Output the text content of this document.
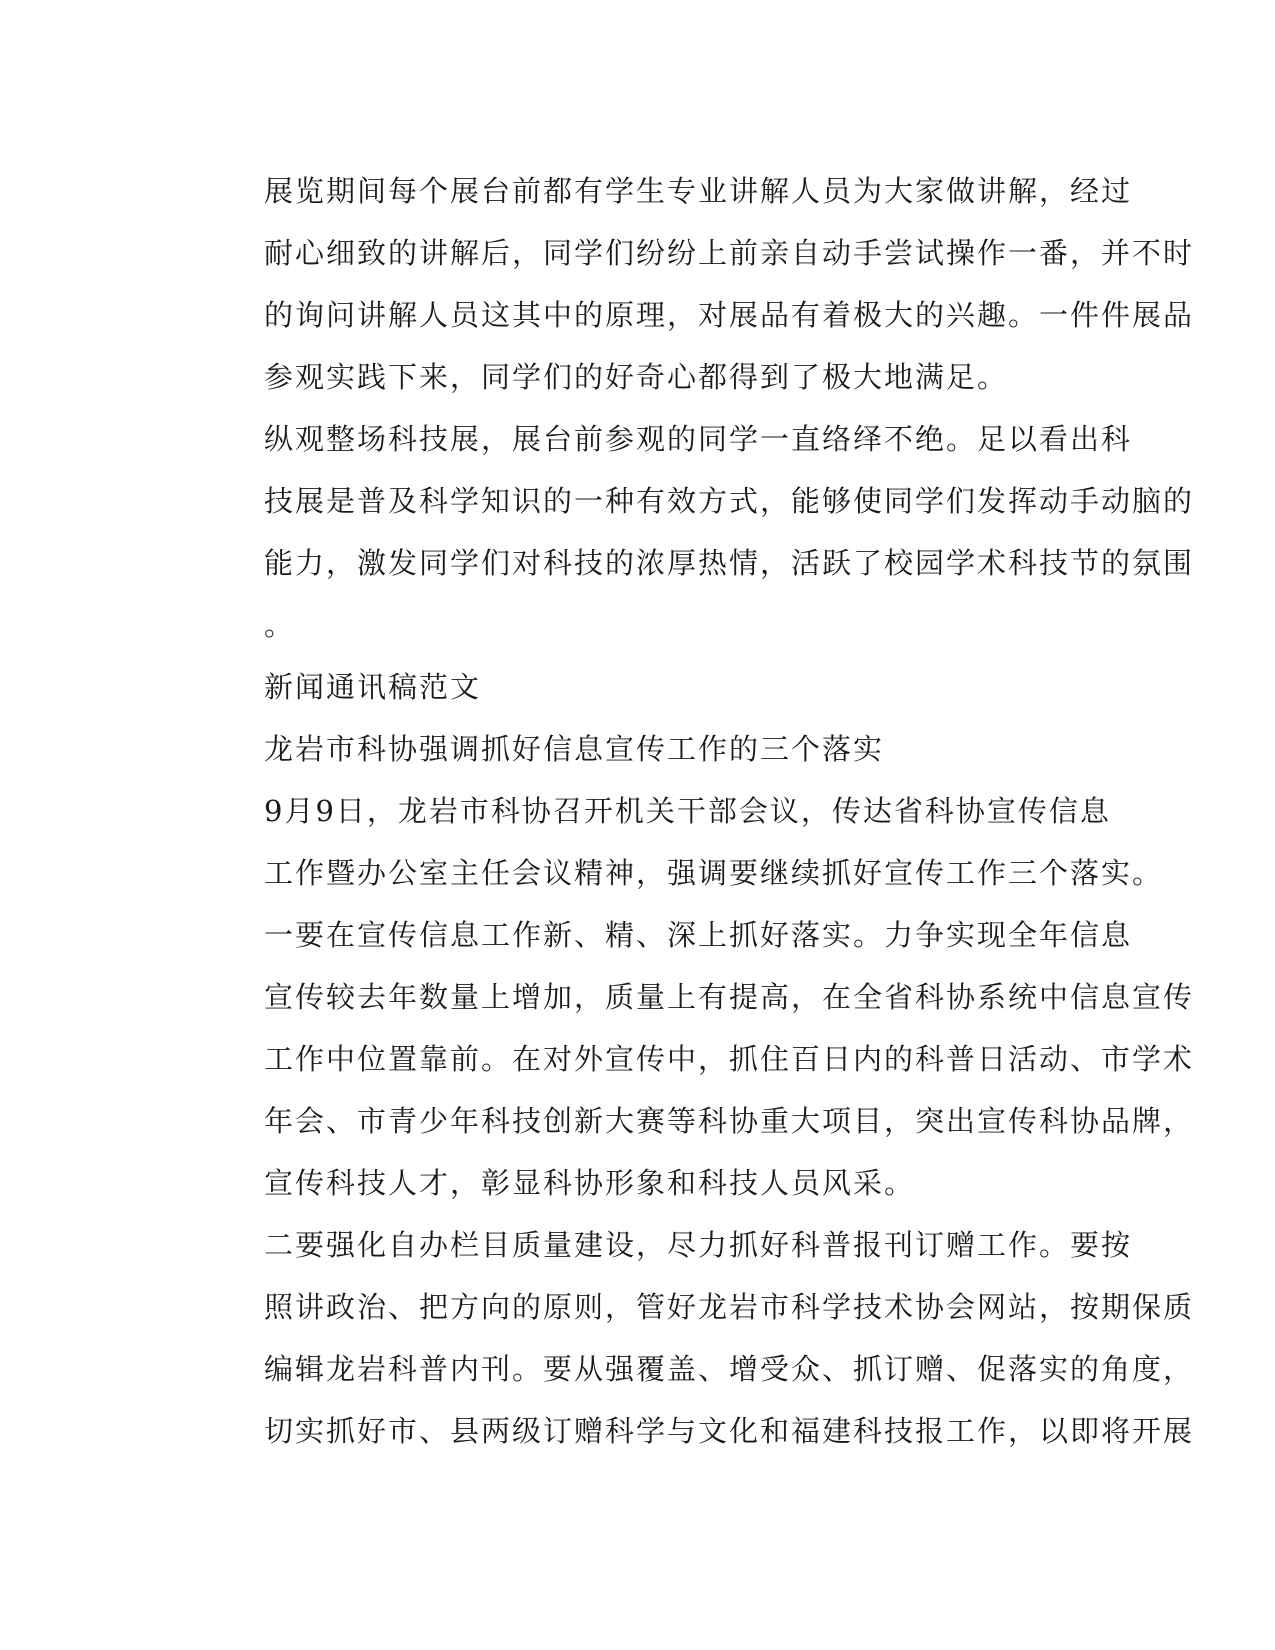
展览期间每个展台前都有学生专业讲解人员为大家做讲解，经过
耐心细致的讲解后，同学们纷纷上前亲自动手尝试操作一番，并不时
的询问讲解人员这其中的原理，对展品有着极大的兴趣。一件件展品
参观实践下来，同学们的好奇心都得到了极大地满足。

纵观整场科技展，展台前参观的同学一直络绎不绝。足以看出科
技展是普及科学知识的一种有效方式，能够使同学们发挥动手动脑的
能力，激发同学们对科技的浓厚热情，活跃了校园学术科技节的氛围
。

新闻通讯稿范文

龙岩市科协强调抓好信息宣传工作的三个落实

9月9日，龙岩市科协召开机关干部会议，传达省科协宣传信息
工作暨办公室主任会议精神，强调要继续抓好宣传工作三个落实。

一要在宣传信息工作新、精、深上抓好落实。力争实现全年信息
宣传较去年数量上增加，质量上有提高，在全省科协系统中信息宣传
工作中位置靠前。在对外宣传中，抓住百日内的科普日活动、市学术
年会、市青少年科技创新大赛等科协重大项目，突出宣传科协品牌，
宣传科技人才，彰显科协形象和科技人员风采。

二要强化自办栏目质量建设，尽力抓好科普报刊订赠工作。要按
照讲政治、把方向的原则，管好龙岩市科学技术协会网站，按期保质
编辑龙岩科普内刊。要从强覆盖、增受众、抓订赠、促落实的角度，
切实抓好市、县两级订赠科学与文化和福建科技报工作，以即将开展
